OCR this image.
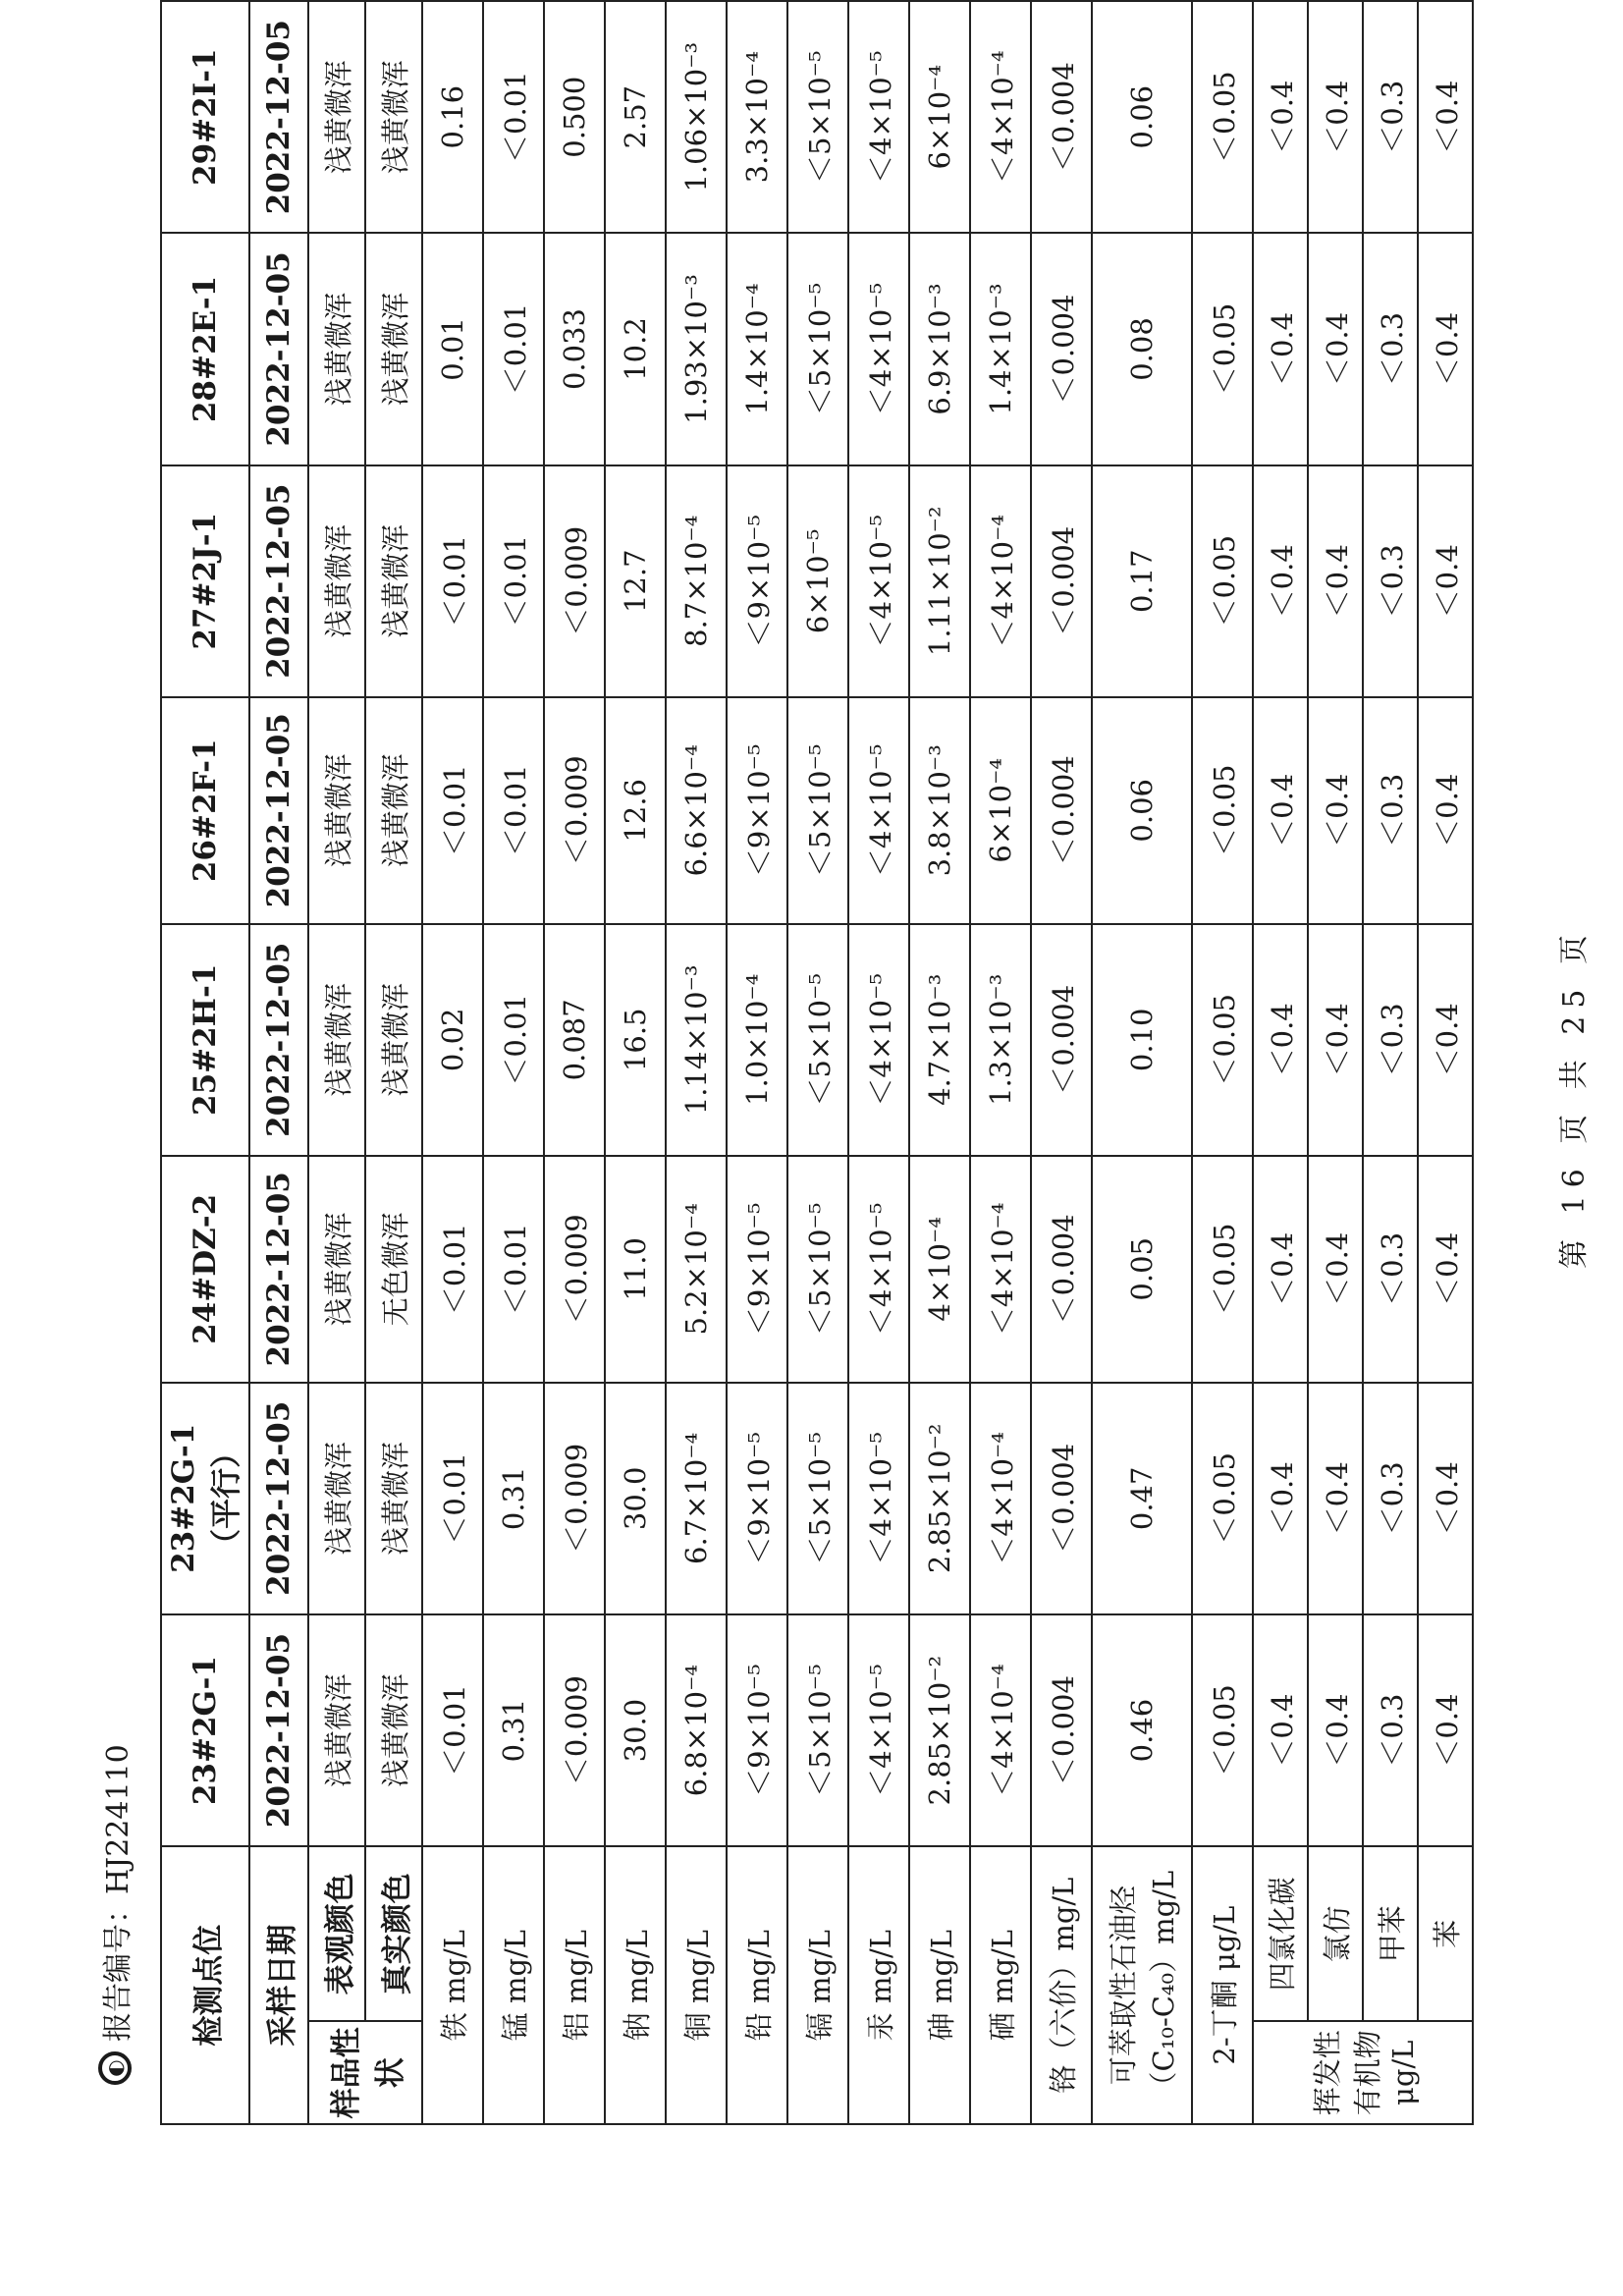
◐
报告编号：HJ224110 检测点位		23#2G-1	23#2G-1 （平行）	24#DZ-2	25#2H-1	26#2F-1	27#2J-1	28#2E-1	29#2I-1

采样日期		2022-12-05	2022-12-05	2022-12-05	2022-12-05	2022-12-05	2022-12-05	2022-12-05	2022-12-05
样品性状	表观颜色	浅黄微浑	浅黄微浑	浅黄微浑	浅黄微浑	浅黄微浑	浅黄微浑	浅黄微浑	浅黄微浑
	真实颜色	浅黄微浑	浅黄微浑	无色微浑	浅黄微浑	浅黄微浑	浅黄微浑	浅黄微浑	浅黄微浑
铁 mg/L		＜0.01	＜0.01	＜0.01	0.02	＜0.01	＜0.01	0.01	0.16
锰 mg/L		0.31	0.31	＜0.01	＜0.01	＜0.01	＜0.01	＜0.01	＜0.01
铝 mg/L		＜0.009	＜0.009	＜0.009	0.087	＜0.009	＜0.009	0.033	0.500
钠 mg/L		30.0	30.0	11.0	16.5	12.6	12.7	10.2	2.57
铜 mg/L		6.8×10⁻⁴	6.7×10⁻⁴	5.2×10⁻⁴	1.14×10⁻³	6.6×10⁻⁴	8.7×10⁻⁴	1.93×10⁻³	1.06×10⁻³
铅 mg/L		＜9×10⁻⁵	＜9×10⁻⁵	＜9×10⁻⁵	1.0×10⁻⁴	＜9×10⁻⁵	＜9×10⁻⁵	1.4×10⁻⁴	3.3×10⁻⁴
镉 mg/L		＜5×10⁻⁵	＜5×10⁻⁵	＜5×10⁻⁵	＜5×10⁻⁵	＜5×10⁻⁵	6×10⁻⁵	＜5×10⁻⁵	＜5×10⁻⁵
汞 mg/L		＜4×10⁻⁵	＜4×10⁻⁵	＜4×10⁻⁵	＜4×10⁻⁵	＜4×10⁻⁵	＜4×10⁻⁵	＜4×10⁻⁵	＜4×10⁻⁵
砷 mg/L		2.85×10⁻²	2.85×10⁻²	4×10⁻⁴	4.7×10⁻³	3.8×10⁻³	1.11×10⁻²	6.9×10⁻³	6×10⁻⁴
硒 mg/L		＜4×10⁻⁴	＜4×10⁻⁴	＜4×10⁻⁴	1.3×10⁻³	6×10⁻⁴	＜4×10⁻⁴	1.4×10⁻³	＜4×10⁻⁴
铬（六价）mg/L		＜0.004	＜0.004	＜0.004	＜0.004	＜0.004	＜0.004	＜0.004	＜0.004
可萃取性石油烃（C₁₀-C₄₀）mg/L		0.46	0.47	0.05	0.10	0.06	0.17	0.08	0.06
2-丁酮 μg/L		＜0.05	＜0.05	＜0.05	＜0.05	＜0.05	＜0.05	＜0.05	＜0.05
挥发性有机物 μg/L	四氯化碳	＜0.4	＜0.4	＜0.4	＜0.4	＜0.4	＜0.4	＜0.4	＜0.4
	氯仿	＜0.4	＜0.4	＜0.4	＜0.4	＜0.4	＜0.4	＜0.4	＜0.4
	甲苯	＜0.3	＜0.3	＜0.3	＜0.3	＜0.3	＜0.3	＜0.3	＜0.3
	苯	＜0.4	＜0.4	＜0.4	＜0.4	＜0.4	＜0.4	＜0.4	＜0.4
第 16 页 共 25 页
